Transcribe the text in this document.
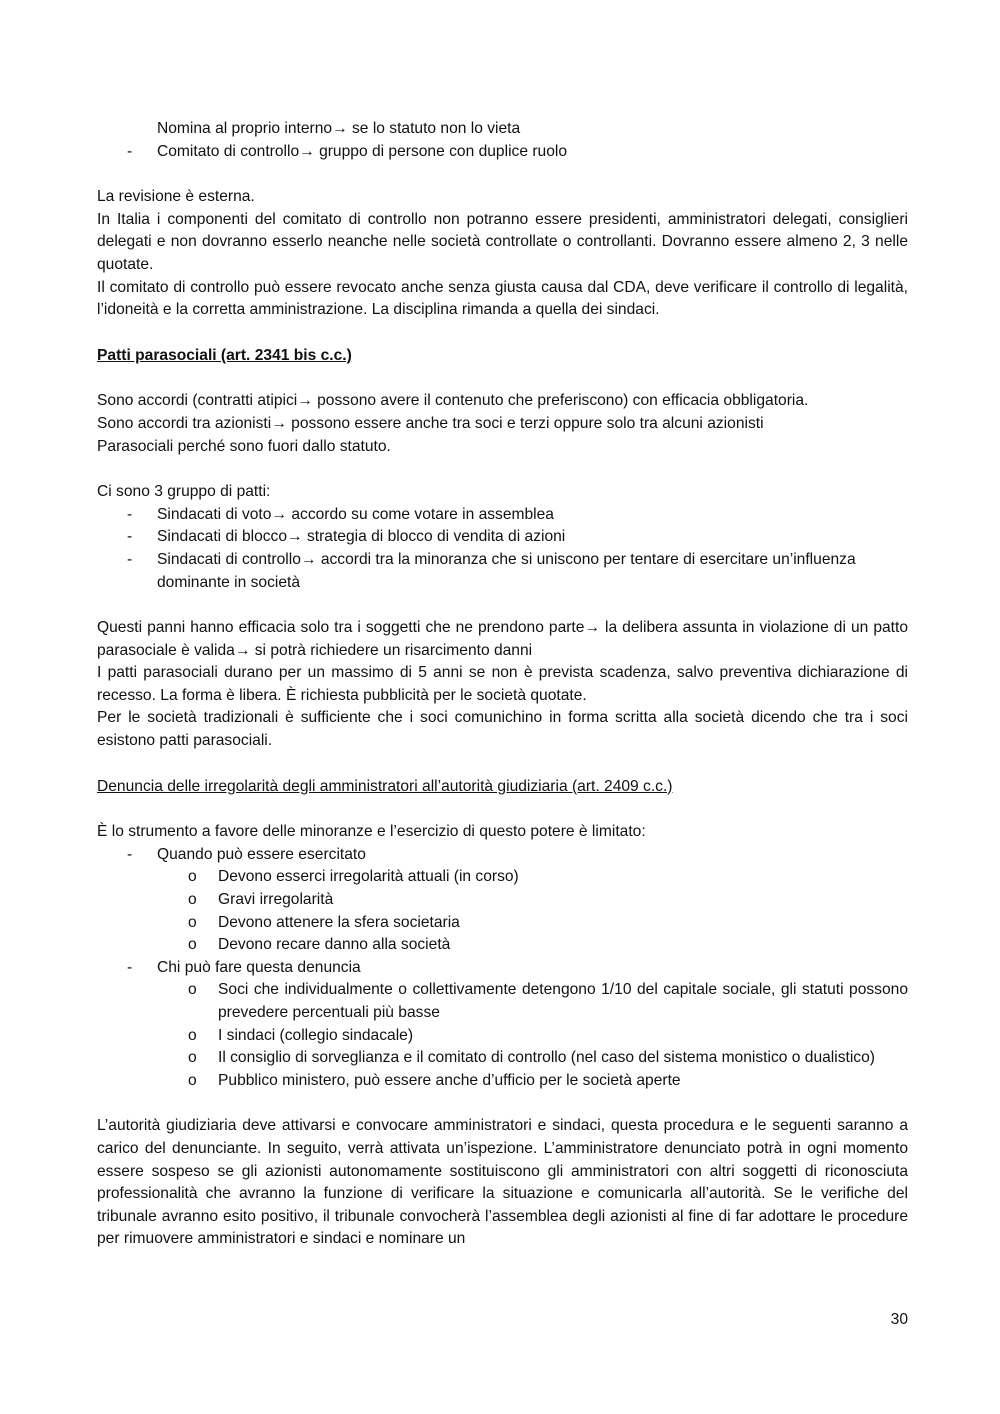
Nomina al proprio interno→ se lo statuto non lo vieta

- Comitato di controllo→ gruppo di persone con duplice ruolo

La revisione è esterna.

In Italia i componenti del comitato di controllo non potranno essere presidenti, amministratori delegati, consiglieri delegati e non dovranno esserlo neanche nelle società controllate o controllanti. Dovranno essere almeno 2, 3 nelle quotate.

Il comitato di controllo può essere revocato anche senza giusta causa dal CDA, deve verificare il controllo di legalità, l’idoneità e la corretta amministrazione. La disciplina rimanda a quella dei sindaci.

Patti parasociali (art. 2341 bis c.c.)

Sono accordi (contratti atipici→ possono avere il contenuto che preferiscono) con efficacia obbligatoria.

Sono accordi tra azionisti→ possono essere anche tra soci e terzi oppure solo tra alcuni azionisti

Parasociali perché sono fuori dallo statuto.

Ci sono 3 gruppo di patti:

- Sindacati di voto→ accordo su come votare in assemblea
- Sindacati di blocco→ strategia di blocco di vendita di azioni
- Sindacati di controllo→ accordi tra la minoranza che si uniscono per tentare di esercitare un’influenza dominante in società

Questi panni hanno efficacia solo tra i soggetti che ne prendono parte→ la delibera assunta in violazione di un patto parasociale è valida→ si potrà richiedere un risarcimento danni

I patti parasociali durano per un massimo di 5 anni se non è prevista scadenza, salvo preventiva dichiarazione di recesso. La forma è libera. È richiesta pubblicità per le società quotate.

Per le società tradizionali è sufficiente che i soci comunichino in forma scritta alla società dicendo che tra i soci esistono patti parasociali.

Denuncia delle irregolarità degli amministratori all’autorità giudiziaria (art. 2409 c.c.)

È lo strumento a favore delle minoranze e l’esercizio di questo potere è limitato:

- Quando può essere esercitato
o Devono esserci irregolarità attuali (in corso)
o Gravi irregolarità
o Devono attenere la sfera societaria
o Devono recare danno alla società
- Chi può fare questa denuncia
o Soci che individualmente o collettivamente detengono 1/10 del capitale sociale, gli statuti possono prevedere percentuali più basse
o I sindaci (collegio sindacale)
o Il consiglio di sorveglianza e il comitato di controllo (nel caso del sistema monistico o dualistico)
o Pubblico ministero, può essere anche d’ufficio per le società aperte

L’autorità giudiziaria deve attivarsi e convocare amministratori e sindaci, questa procedura e le seguenti saranno a carico del denunciante. In seguito, verrà attivata un’ispezione. L’amministratore denunciato potrà in ogni momento essere sospeso se gli azionisti autonomamente sostituiscono gli amministratori con altri soggetti di riconosciuta professionalità che avranno la funzione di verificare la situazione e comunicarla all’autorità. Se le verifiche del tribunale avranno esito positivo, il tribunale convocherà l’assemblea degli azionisti al fine di far adottare le procedure per rimuovere amministratori e sindaci e nominare un

30
